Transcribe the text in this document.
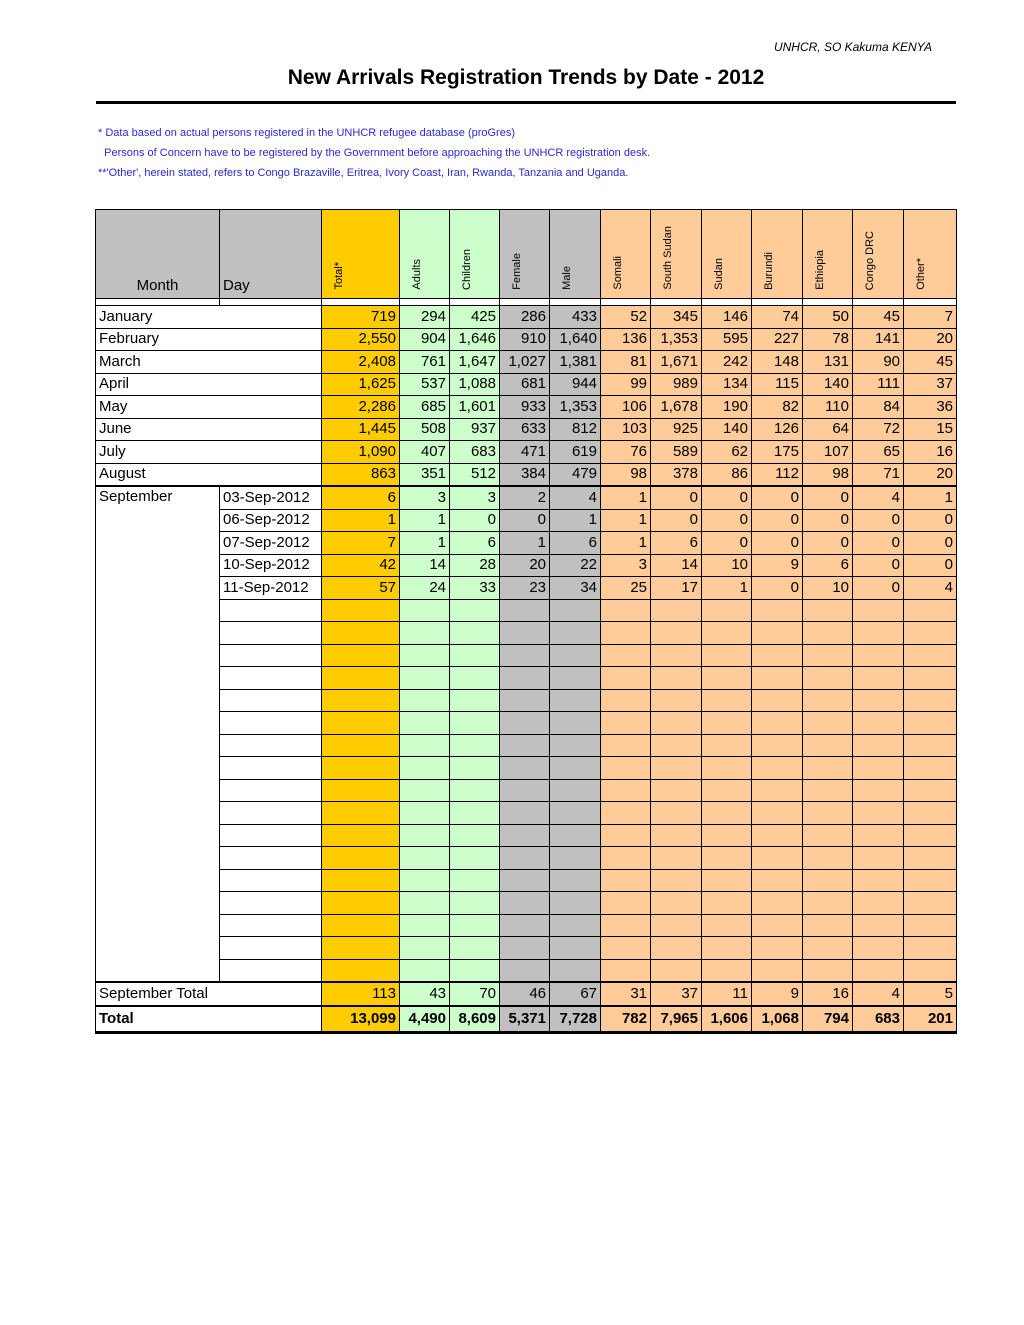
UNHCR, SO Kakuma KENYA
New Arrivals Registration Trends by Date - 2012
* Data based on actual persons registered in the UNHCR refugee database (proGres)
Persons of Concern have to be registered by the Government before approaching the UNHCR registration desk.
**'Other', herein stated, refers to Congo Brazaville, Eritrea, Ivory Coast, Iran, Rwanda, Tanzania and Uganda.
Month	Day	Total*	Adults	Children	Female	Male	Somali	South Sudan	Sudan	Burundi	Ethiopia	Congo DRC	Other*

January		719	294	425	286	433	52	345	146	74	50	45	7
February		2,550	904	1,646	910	1,640	136	1,353	595	227	78	141	20
March		2,408	761	1,647	1,027	1,381	81	1,671	242	148	131	90	45
April		1,625	537	1,088	681	944	99	989	134	115	140	111	37
May		2,286	685	1,601	933	1,353	106	1,678	190	82	110	84	36
June		1,445	508	937	633	812	103	925	140	126	64	72	15
July		1,090	407	683	471	619	76	589	62	175	107	65	16
August		863	351	512	384	479	98	378	86	112	98	71	20
September	03-Sep-2012	6	3	3	2	4	1	0	0	0	0	4	1
	06-Sep-2012	1	1	0	0	1	1	0	0	0	0	0	0
	07-Sep-2012	7	1	6	1	6	1	6	0	0	0	0	0
	10-Sep-2012	42	14	28	20	22	3	14	10	9	6	0	0
	11-Sep-2012	57	24	33	23	34	25	17	1	0	10	0	4

September Total		113	43	70	46	67	31	37	11	9	16	4	5
Total		13,099	4,490	8,609	5,371	7,728	782	7,965	1,606	1,068	794	683	201
